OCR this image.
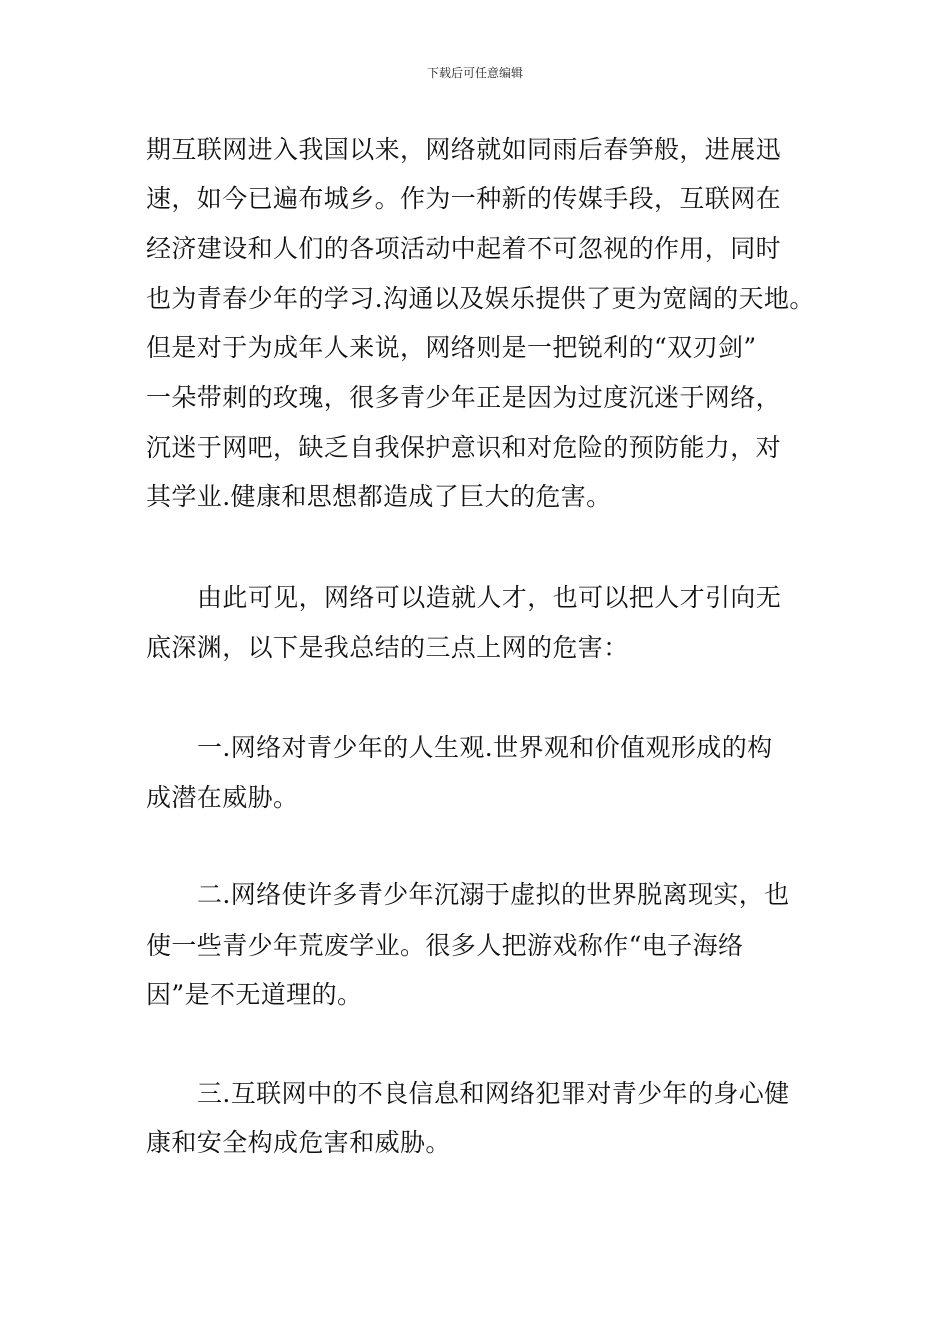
下载后可任意编辑
期互联网进入我国以来，网络就如同雨后春笋般，进展迅
速，如今已遍布城乡。作为一种新的传媒手段，互联网在
经济建设和人们的各项活动中起着不可忽视的作用，同时
也为青春少年的学习.沟通以及娱乐提供了更为宽阔的天地。
但是对于为成年人来说，网络则是一把锐利的“双刃剑”
一朵带刺的玫瑰，很多青少年正是因为过度沉迷于网络，
沉迷于网吧，缺乏自我保护意识和对危险的预防能力，对
其学业.健康和思想都造成了巨大的危害。
由此可见，网络可以造就人才，也可以把人才引向无
底深渊，以下是我总结的三点上网的危害：
一.网络对青少年的人生观.世界观和价值观形成的构
成潜在威胁。
二.网络使许多青少年沉溺于虚拟的世界脱离现实，也
使一些青少年荒废学业。很多人把游戏称作“电子海络
因”是不无道理的。
三.互联网中的不良信息和网络犯罪对青少年的身心健
康和安全构成危害和威胁。
